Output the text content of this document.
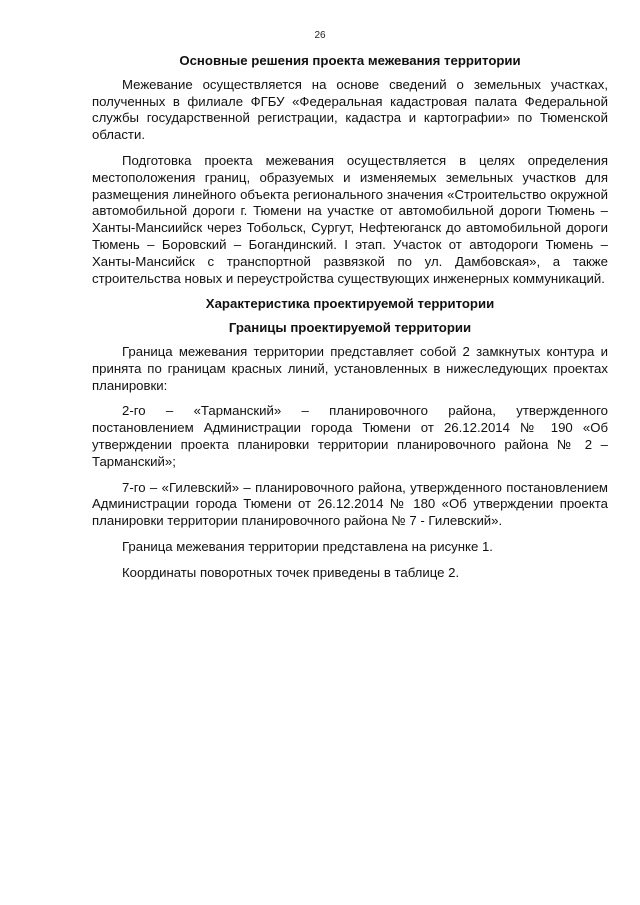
26
Основные решения проекта межевания территории

Межевание осуществляется на основе сведений о земельных участках, полученных в филиале ФГБУ «Федеральная кадастровая палата Федеральной службы государственной регистрации, кадастра и картографии» по Тюменской области.

Подготовка проекта межевания осуществляется в целях определения местоположения границ, образуемых и изменяемых земельных участков для размещения линейного объекта регионального значения «Строительство окружной автомобильной дороги г. Тюмени на участке от автомобильной дороги Тюмень – Ханты-Мансиийск через Тобольск, Сургут, Нефтеюганск до автомобильной дороги Тюмень – Боровский – Богандинский. I этап. Участок от автодороги Тюмень – Ханты-Мансийск с транспортной развязкой по ул. Дамбовская», а также строительства новых и переустройства существующих инженерных коммуникаций.

Характеристика проектируемой территории
Границы проектируемой территории

Граница межевания территории представляет собой 2 замкнутых контура и принята по границам красных линий, установленных в нижеследующих проектах планировки:

2-го – «Тарманский» – планировочного района, утвержденного постановлением Администрации города Тюмени от 26.12.2014 № 190 «Об утверждении проекта планировки территории планировочного района № 2 – Тарманский»;

7-го – «Гилевский» – планировочного района, утвержденного постановлением Администрации города Тюмени от 26.12.2014 № 180 «Об утверждении проекта планировки территории планировочного района № 7 - Гилевский».

Граница межевания территории представлена на рисунке 1.

Координаты поворотных точек приведены в таблице 2.
